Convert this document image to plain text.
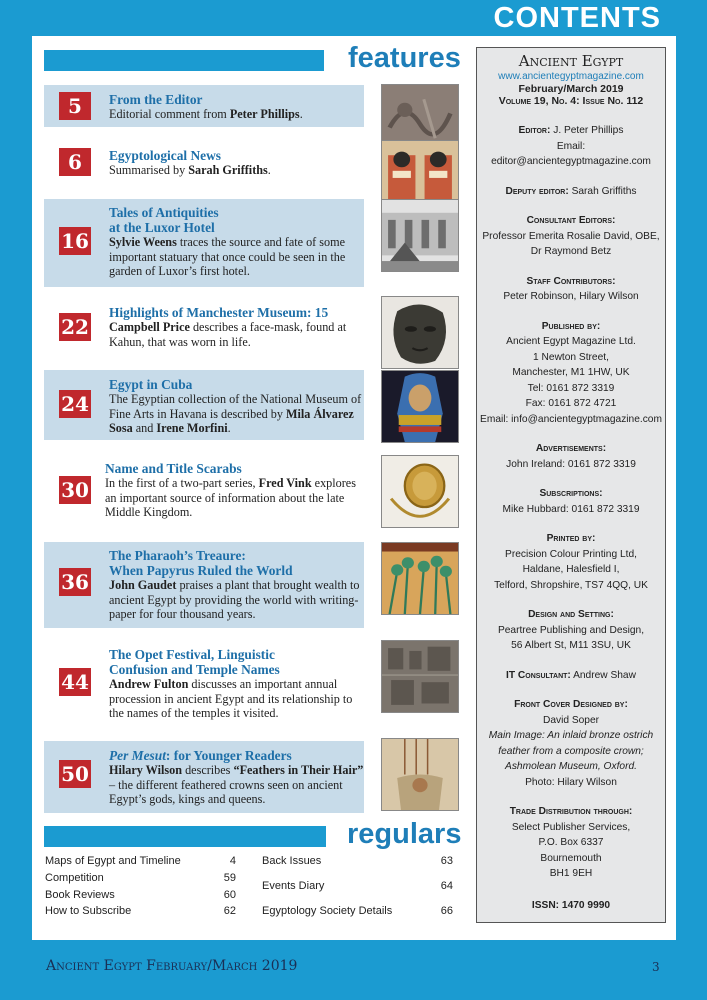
CONTENTS
features
5	From the Editor
Editorial comment from Peter Phillips.
6	Egyptological News
Summarised by Sarah Griffiths.
16
Tales of Antiquities
at the Luxor Hotel
Sylvie Weens traces the source and fate of some important statuary that once could be seen in the garden of Luxor’s first hotel.
22
Highlights of Manchester Museum: 15
Campbell Price describes a face-mask, found at Kahun, that was worn in life.
24
Egypt in Cuba
The Egyptian collection of the National Museum of Fine Arts in Havana is described by Mila Álvarez Sosa and Irene Morfini.
30
Name and Title Scarabs
In the first of a two-part series, Fred Vink explores an important source of information about the late Middle Kingdom.
36
The Pharaoh’s Treaure:
When Papyrus Ruled the World
John Gaudet praises a plant that brought wealth to ancient Egypt by providing the world with writing-paper for four thousand years.
44
The Opet Festival, Linguistic
Confusion and Temple Names
Andrew Fulton discusses an important annual procession in ancient Egypt and its relationship to the names of the temples it visited.
50
Per Mesut: for Younger Readers
Hilary Wilson describes “Feathers in Their Hair” – the different feathered crowns seen on ancient Egypt’s gods, kings and queens.
regulars
Maps of Egypt and Timeline	4
Competition	59
Book Reviews	60
How to Subscribe	62
Back Issues	63
Events Diary	64
Egyptology Society Details	66
Ancient Egypt
www.ancientegyptmagazine.com
February/March 2019
Volume 19, No. 4: Issue No. 112
Editor: J. Peter Phillips
Email: editor@ancientegyptmagazine.com
Deputy editor: Sarah Griffiths
Consultant Editors:
Professor Emerita Rosalie David, OBE,
Dr Raymond Betz
Staff Contributors:
Peter Robinson, Hilary Wilson
Published by:
Ancient Egypt Magazine Ltd.
1 Newton Street,
Manchester, M1 1HW, UK
Tel: 0161 872 3319
Fax: 0161 872 4721
Email: info@ancientegyptmagazine.com
Advertisements:
John Ireland: 0161 872 3319
Subscriptions:
Mike Hubbard: 0161 872 3319
Printed by:
Precision Colour Printing Ltd,
Haldane, Halesfield I,
Telford, Shropshire, TS7 4QQ, UK
Design and Setting:
Peartree Publishing and Design,
56 Albert St, M11 3SU, UK
IT Consultant: Andrew Shaw
Front Cover Designed by:
David Soper
Main Image: An inlaid bronze ostrich
feather from a composite crown;
Ashmolean Museum, Oxford.
Photo: Hilary Wilson
Trade Distribution through:
Select Publisher Services,
P.O. Box 6337
Bournemouth
BH1 9EH
ISSN: 1470 9990
Ancient Egypt February/March 2019	3
